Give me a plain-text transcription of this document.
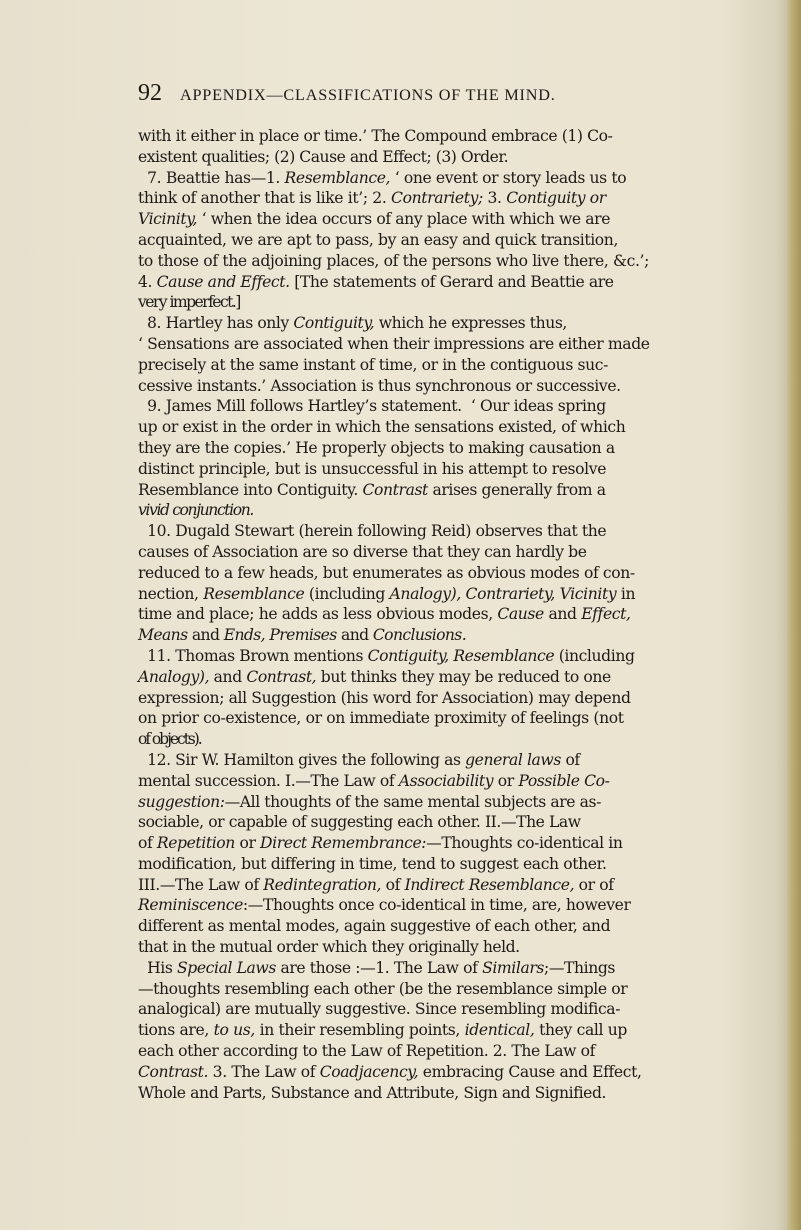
92 APPENDIX—CLASSIFICATIONS OF THE MIND.
with it either in place or time.’ The Compound embrace (1) Co-
existent qualities; (2) Cause and Effect; (3) Order.
7. Beattie has—1. Resemblance, ‘ one event or story leads us to
think of another that is like it’; 2. Contrariety; 3. Contiguity or
Vicinity, ‘ when the idea occurs of any place with which we are
acquainted, we are apt to pass, by an easy and quick transition,
to those of the adjoining places, of the persons who live there, &c.’;
4. Cause and Effect. [The statements of Gerard and Beattie are
very imperfect.]
8. Hartley has only Contiguity, which he expresses thus,
‘ Sensations are associated when their impressions are either made
precisely at the same instant of time, or in the contiguous suc-
cessive instants.’ Association is thus synchronous or successive.
9. James Mill follows Hartley’s statement.  ‘ Our ideas spring
up or exist in the order in which the sensations existed, of which
they are the copies.’ He properly objects to making causation a
distinct principle, but is unsuccessful in his attempt to resolve
Resemblance into Contiguity. Contrast arises generally from a
vivid conjunction.
10. Dugald Stewart (herein following Reid) observes that the
causes of Association are so diverse that they can hardly be
reduced to a few heads, but enumerates as obvious modes of con-
nection, Resemblance (including Analogy), Contrariety, Vicinity in
time and place; he adds as less obvious modes, Cause and Effect,
Means and Ends, Premises and Conclusions.
11. Thomas Brown mentions Contiguity, Resemblance (including
Analogy), and Contrast, but thinks they may be reduced to one
expression; all Suggestion (his word for Association) may depend
on prior co-existence, or on immediate proximity of feelings (not
of objects).
12. Sir W. Hamilton gives the following as general laws of
mental succession. I.—The Law of Associability or Possible Co-
suggestion:—All thoughts of the same mental subjects are as-
sociable, or capable of suggesting each other. II.—The Law
of Repetition or Direct Remembrance:—Thoughts co-identical in
modification, but differing in time, tend to suggest each other.
III.—The Law of Redintegration, of Indirect Resemblance, or of
Reminiscence:—Thoughts once co-identical in time, are, however
different as mental modes, again suggestive of each other, and
that in the mutual order which they originally held.
His Special Laws are those :—1. The Law of Similars;—Things
—thoughts resembling each other (be the resemblance simple or
analogical) are mutually suggestive. Since resembling modifica-
tions are, to us, in their resembling points, identical, they call up
each other according to the Law of Repetition. 2. The Law of
Contrast. 3. The Law of Coadjacency, embracing Cause and Effect,
Whole and Parts, Substance and Attribute, Sign and Signified.
